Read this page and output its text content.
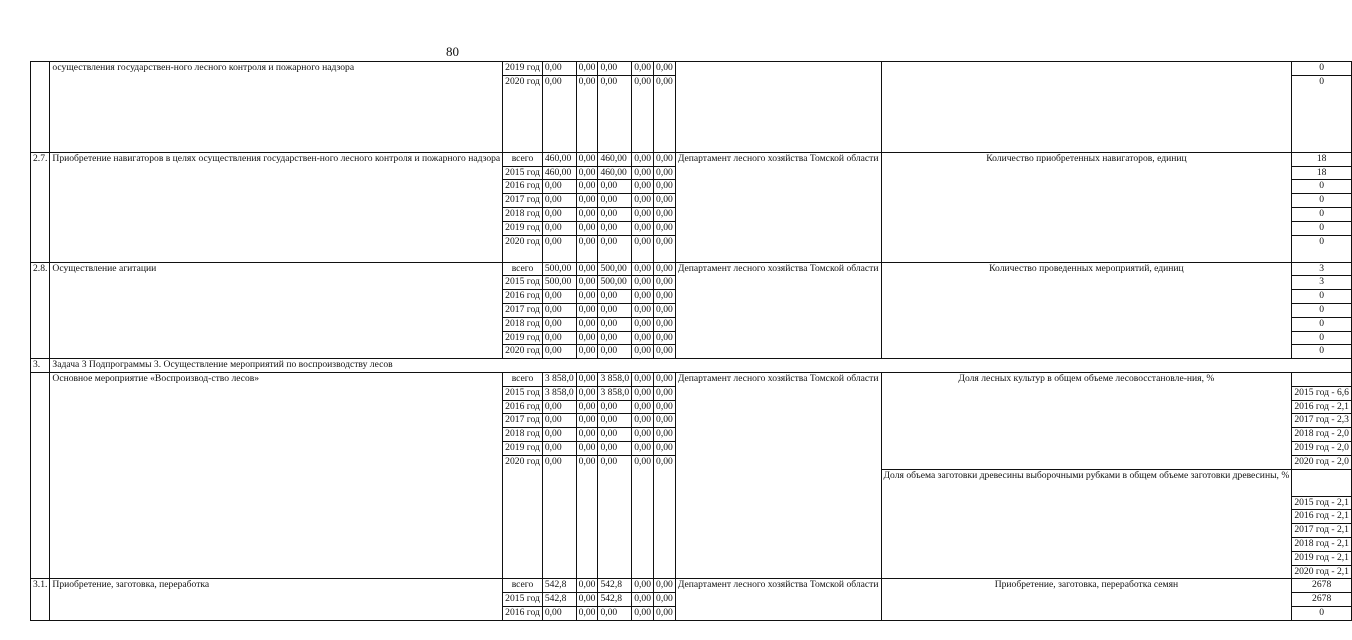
80
	осуществления государствен-ного лесного контроля и пожарного надзора	2019 год	0,00	0,00	0,00	0,00	0,00			0
		2020 год	0,00	0,00	0,00	0,00	0,00			0
2.7.	Приобретение навигаторов в целях осуществления государствен-ного лесного контроля и пожарного надзора	всего	460,00	0,00	460,00	0,00	0,00	Департамент лесного хозяйства Томской области	Количество приобретенных навигаторов, единиц	18
		2015 год	460,00	0,00	460,00	0,00	0,00			18
		2016 год	0,00	0,00	0,00	0,00	0,00			0
		2017 год	0,00	0,00	0,00	0,00	0,00			0
		2018 год	0,00	0,00	0,00	0,00	0,00			0
		2019 год	0,00	0,00	0,00	0,00	0,00			0
		2020 год	0,00	0,00	0,00	0,00	0,00			0
2.8.	Осуществление агитации	всего	500,00	0,00	500,00	0,00	0,00	Департамент лесного хозяйства Томской области	Количество проведенных мероприятий, единиц	3
		2015 год	500,00	0,00	500,00	0,00	0,00			3
		2016 год	0,00	0,00	0,00	0,00	0,00			0
		2017 год	0,00	0,00	0,00	0,00	0,00			0
		2018 год	0,00	0,00	0,00	0,00	0,00			0
		2019 год	0,00	0,00	0,00	0,00	0,00			0
		2020 год	0,00	0,00	0,00	0,00	0,00			0
3.	Задача 3 Подпрограммы 3. Осуществление мероприятий по воспроизводству лесов									
	Основное мероприятие «Воспроизвод-ство лесов»	всего	3 858,0	0,00	3 858,0	0,00	0,00	Департамент лесного хозяйства Томской области	Доля лесных культур в общем объеме лесовосстановле-ния, %	
		2015 год	3 858,0	0,00	3 858,0	0,00	0,00			2015 год - 6,6
		2016 год	0,00	0,00	0,00	0,00	0,00			2016 год - 2,1
		2017 год	0,00	0,00	0,00	0,00	0,00			2017 год - 2,3
		2018 год	0,00	0,00	0,00	0,00	0,00			2018 год - 2,0
		2019 год	0,00	0,00	0,00	0,00	0,00			2019 год - 2,0
		2020 год	0,00	0,00	0,00	0,00	0,00			2020 год - 2,0
									Доля объема заготовки древесины выборочными рубками в общем объеме заготовки древесины, %	
										2015 год - 2,1
										2016 год - 2,1
										2017 год - 2,1
										2018 год - 2,1
										2019 год - 2,1
										2020 год - 2,1
3.1.	Приобретение, заготовка, переработка	всего	542,8	0,00	542,8	0,00	0,00	Департамент лесного хозяйства Томской области	Приобретение, заготовка, переработка семян	2678
		2015 год	542,8	0,00	542,8	0,00	0,00			2678
		2016 год	0,00	0,00	0,00	0,00	0,00			0
